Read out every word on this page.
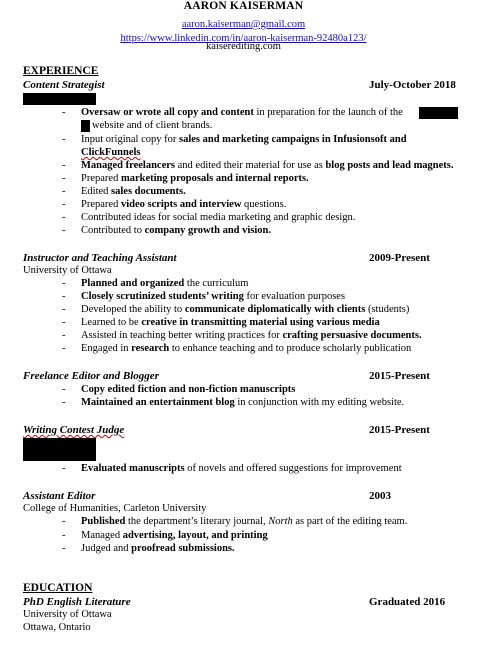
AARON KAISERMAN
aaron.kaiserman@gmail.com
https://www.linkedin.com/in/aaron-kaiserman-92480a123/
kaiserediting.com
EXPERIENCE
Content Strategist	July-October 2018
- Oversaw or wrote all copy and content in preparation for the launch of the
website and of client brands.
- Input original copy for sales and marketing campaigns in Infusionsoft and
ClickFunnels
- Managed freelancers and edited their material for use as blog posts and lead magnets.
- Prepared marketing proposals and internal reports.
- Edited sales documents.
- Prepared video scripts and interview questions.
- Contributed ideas for social media marketing and graphic design.
- Contributed to company growth and vision.
Instructor and Teaching Assistant	2009-Present
University of Ottawa
- Planned and organized the curriculum
- Closely scrutinized students’ writing for evaluation purposes
- Developed the ability to communicate diplomatically with clients (students)
- Learned to be creative in transmitting material using various media
- Assisted in teaching better writing practices for crafting persuasive documents.
- Engaged in research to enhance teaching and to produce scholarly publication
Freelance Editor and Blogger	2015-Present
- Copy edited fiction and non-fiction manuscripts
- Maintained an entertainment blog in conjunction with my editing website.
Writing Contest Judge	2015-Present
- Evaluated manuscripts of novels and offered suggestions for improvement
Assistant Editor	2003
College of Humanities, Carleton University
- Published the department’s literary journal, North as part of the editing team.
- Managed advertising, layout, and printing
- Judged and proofread submissions.
EDUCATION
PhD English Literature	Graduated 2016
University of Ottawa
Ottawa, Ontario
